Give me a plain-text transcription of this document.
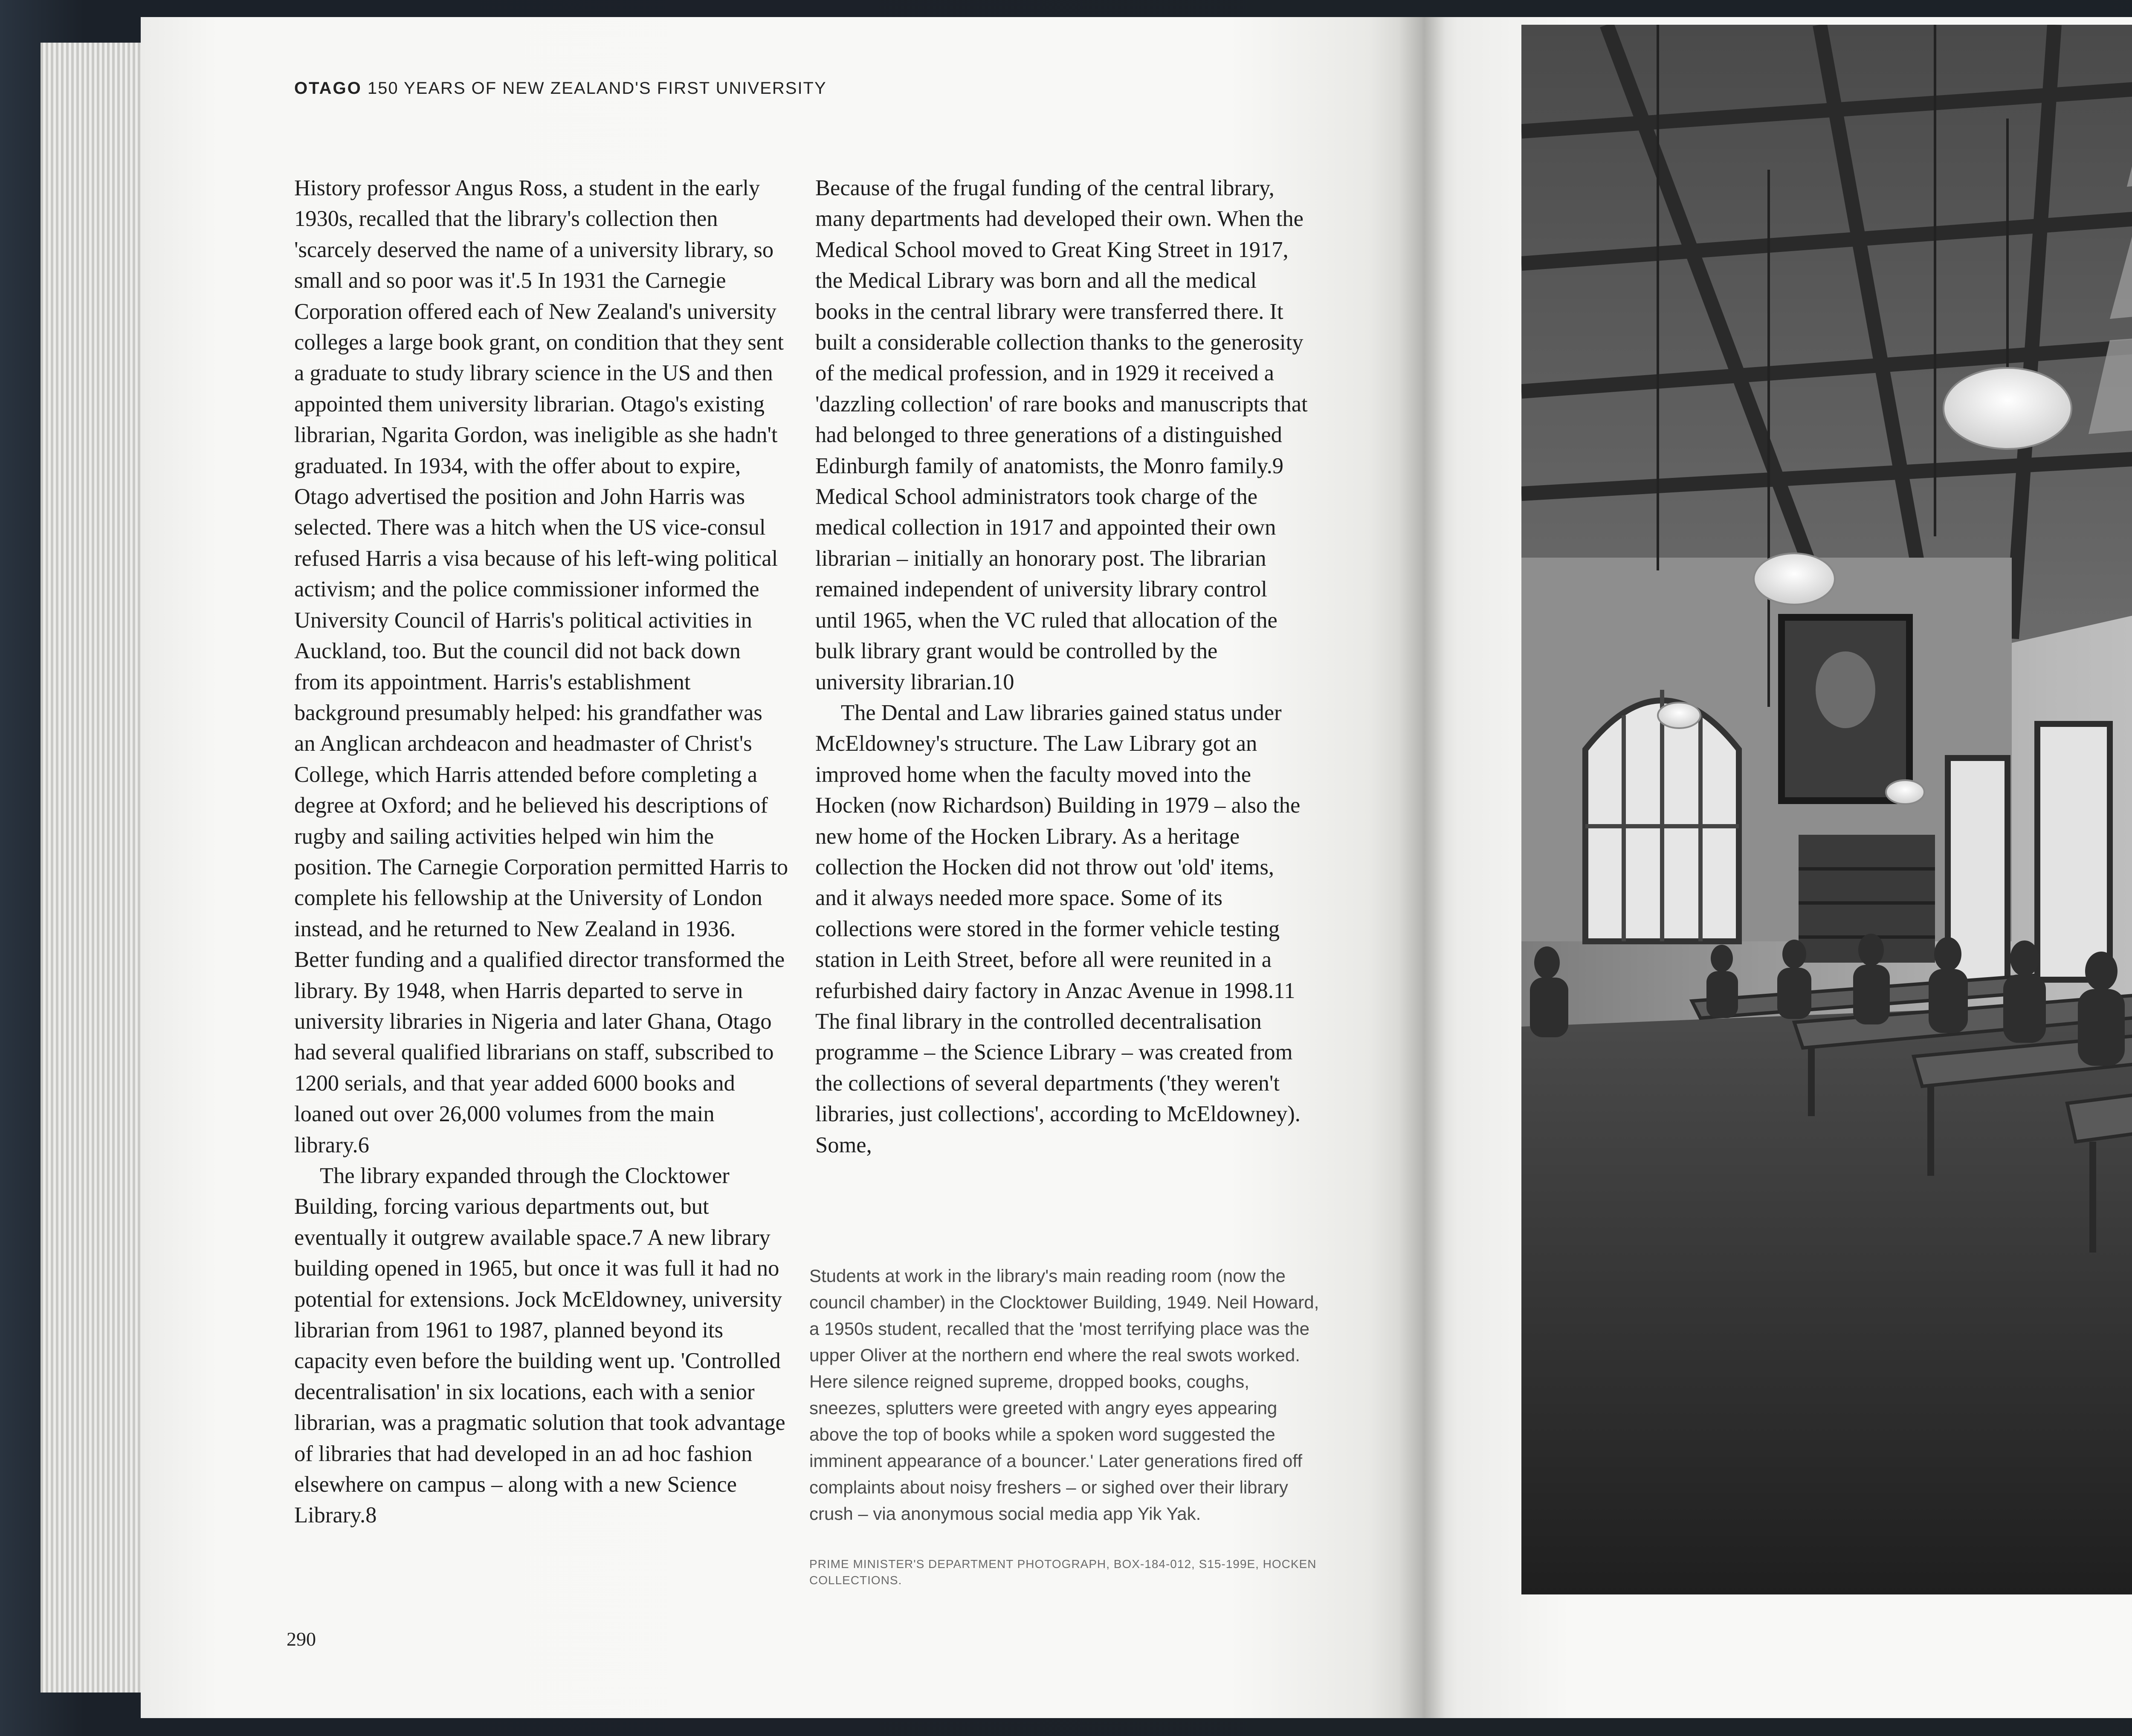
OTAGO 150 YEARS OF NEW ZEALAND'S FIRST UNIVERSITY

History professor Angus Ross, a student in the early 1930s, recalled that the library's collection then 'scarcely deserved the name of a university library, so small and so poor was it'.5 In 1931 the Carnegie Corporation offered each of New Zealand's university colleges a large book grant, on condition that they sent a graduate to study library science in the US and then appointed them university librarian. Otago's existing librarian, Ngarita Gordon, was ineligible as she hadn't graduated. In 1934, with the offer about to expire, Otago advertised the position and John Harris was selected. There was a hitch when the US vice-consul refused Harris a visa because of his left-wing political activism; and the police commissioner informed the University Council of Harris's political activities in Auckland, too. But the council did not back down from its appointment. Harris's establishment background presumably helped: his grandfather was an Anglican archdeacon and headmaster of Christ's College, which Harris attended before completing a degree at Oxford; and he believed his descriptions of rugby and sailing activities helped win him the position. The Carnegie Corporation permitted Harris to complete his fellowship at the University of London instead, and he returned to New Zealand in 1936. Better funding and a qualified director transformed the library. By 1948, when Harris departed to serve in university libraries in Nigeria and later Ghana, Otago had several qualified librarians on staff, subscribed to 1200 serials, and that year added 6000 books and loaned out over 26,000 volumes from the main library.6

The library expanded through the Clocktower Building, forcing various departments out, but eventually it outgrew available space.7 A new library building opened in 1965, but once it was full it had no potential for extensions. Jock McEldowney, university librarian from 1961 to 1987, planned beyond its capacity even before the building went up. 'Controlled decentralisation' in six locations, each with a senior librarian, was a pragmatic solution that took advantage of libraries that had developed in an ad hoc fashion elsewhere on campus – along with a new Science Library.8

Because of the frugal funding of the central library, many departments had developed their own. When the Medical School moved to Great King Street in 1917, the Medical Library was born and all the medical books in the central library were transferred there. It built a considerable collection thanks to the generosity of the medical profession, and in 1929 it received a 'dazzling collection' of rare books and manuscripts that had belonged to three generations of a distinguished Edinburgh family of anatomists, the Monro family.9 Medical School administrators took charge of the medical collection in 1917 and appointed their own librarian – initially an honorary post. The librarian remained independent of university library control until 1965, when the VC ruled that allocation of the bulk library grant would be controlled by the university librarian.10

The Dental and Law libraries gained status under McEldowney's structure. The Law Library got an improved home when the faculty moved into the Hocken (now Richardson) Building in 1979 – also the new home of the Hocken Library. As a heritage collection the Hocken did not throw out 'old' items, and it always needed more space. Some of its collections were stored in the former vehicle testing station in Leith Street, before all were reunited in a refurbished dairy factory in Anzac Avenue in 1998.11 The final library in the controlled decentralisation programme – the Science Library – was created from the collections of several departments ('they weren't libraries, just collections', according to McEldowney). Some,

Students at work in the library's main reading room (now the council chamber) in the Clocktower Building, 1949. Neil Howard, a 1950s student, recalled that the 'most terrifying place was the upper Oliver at the northern end where the real swots worked. Here silence reigned supreme, dropped books, coughs, sneezes, splutters were greeted with angry eyes appearing above the top of books while a spoken word suggested the imminent appearance of a bouncer.' Later generations fired off complaints about noisy freshers – or sighed over their library crush – via anonymous social media app Yik Yak.
PRIME MINISTER'S DEPARTMENT PHOTOGRAPH, BOX-184-012, S15-199E, HOCKEN COLLECTIONS.
290
